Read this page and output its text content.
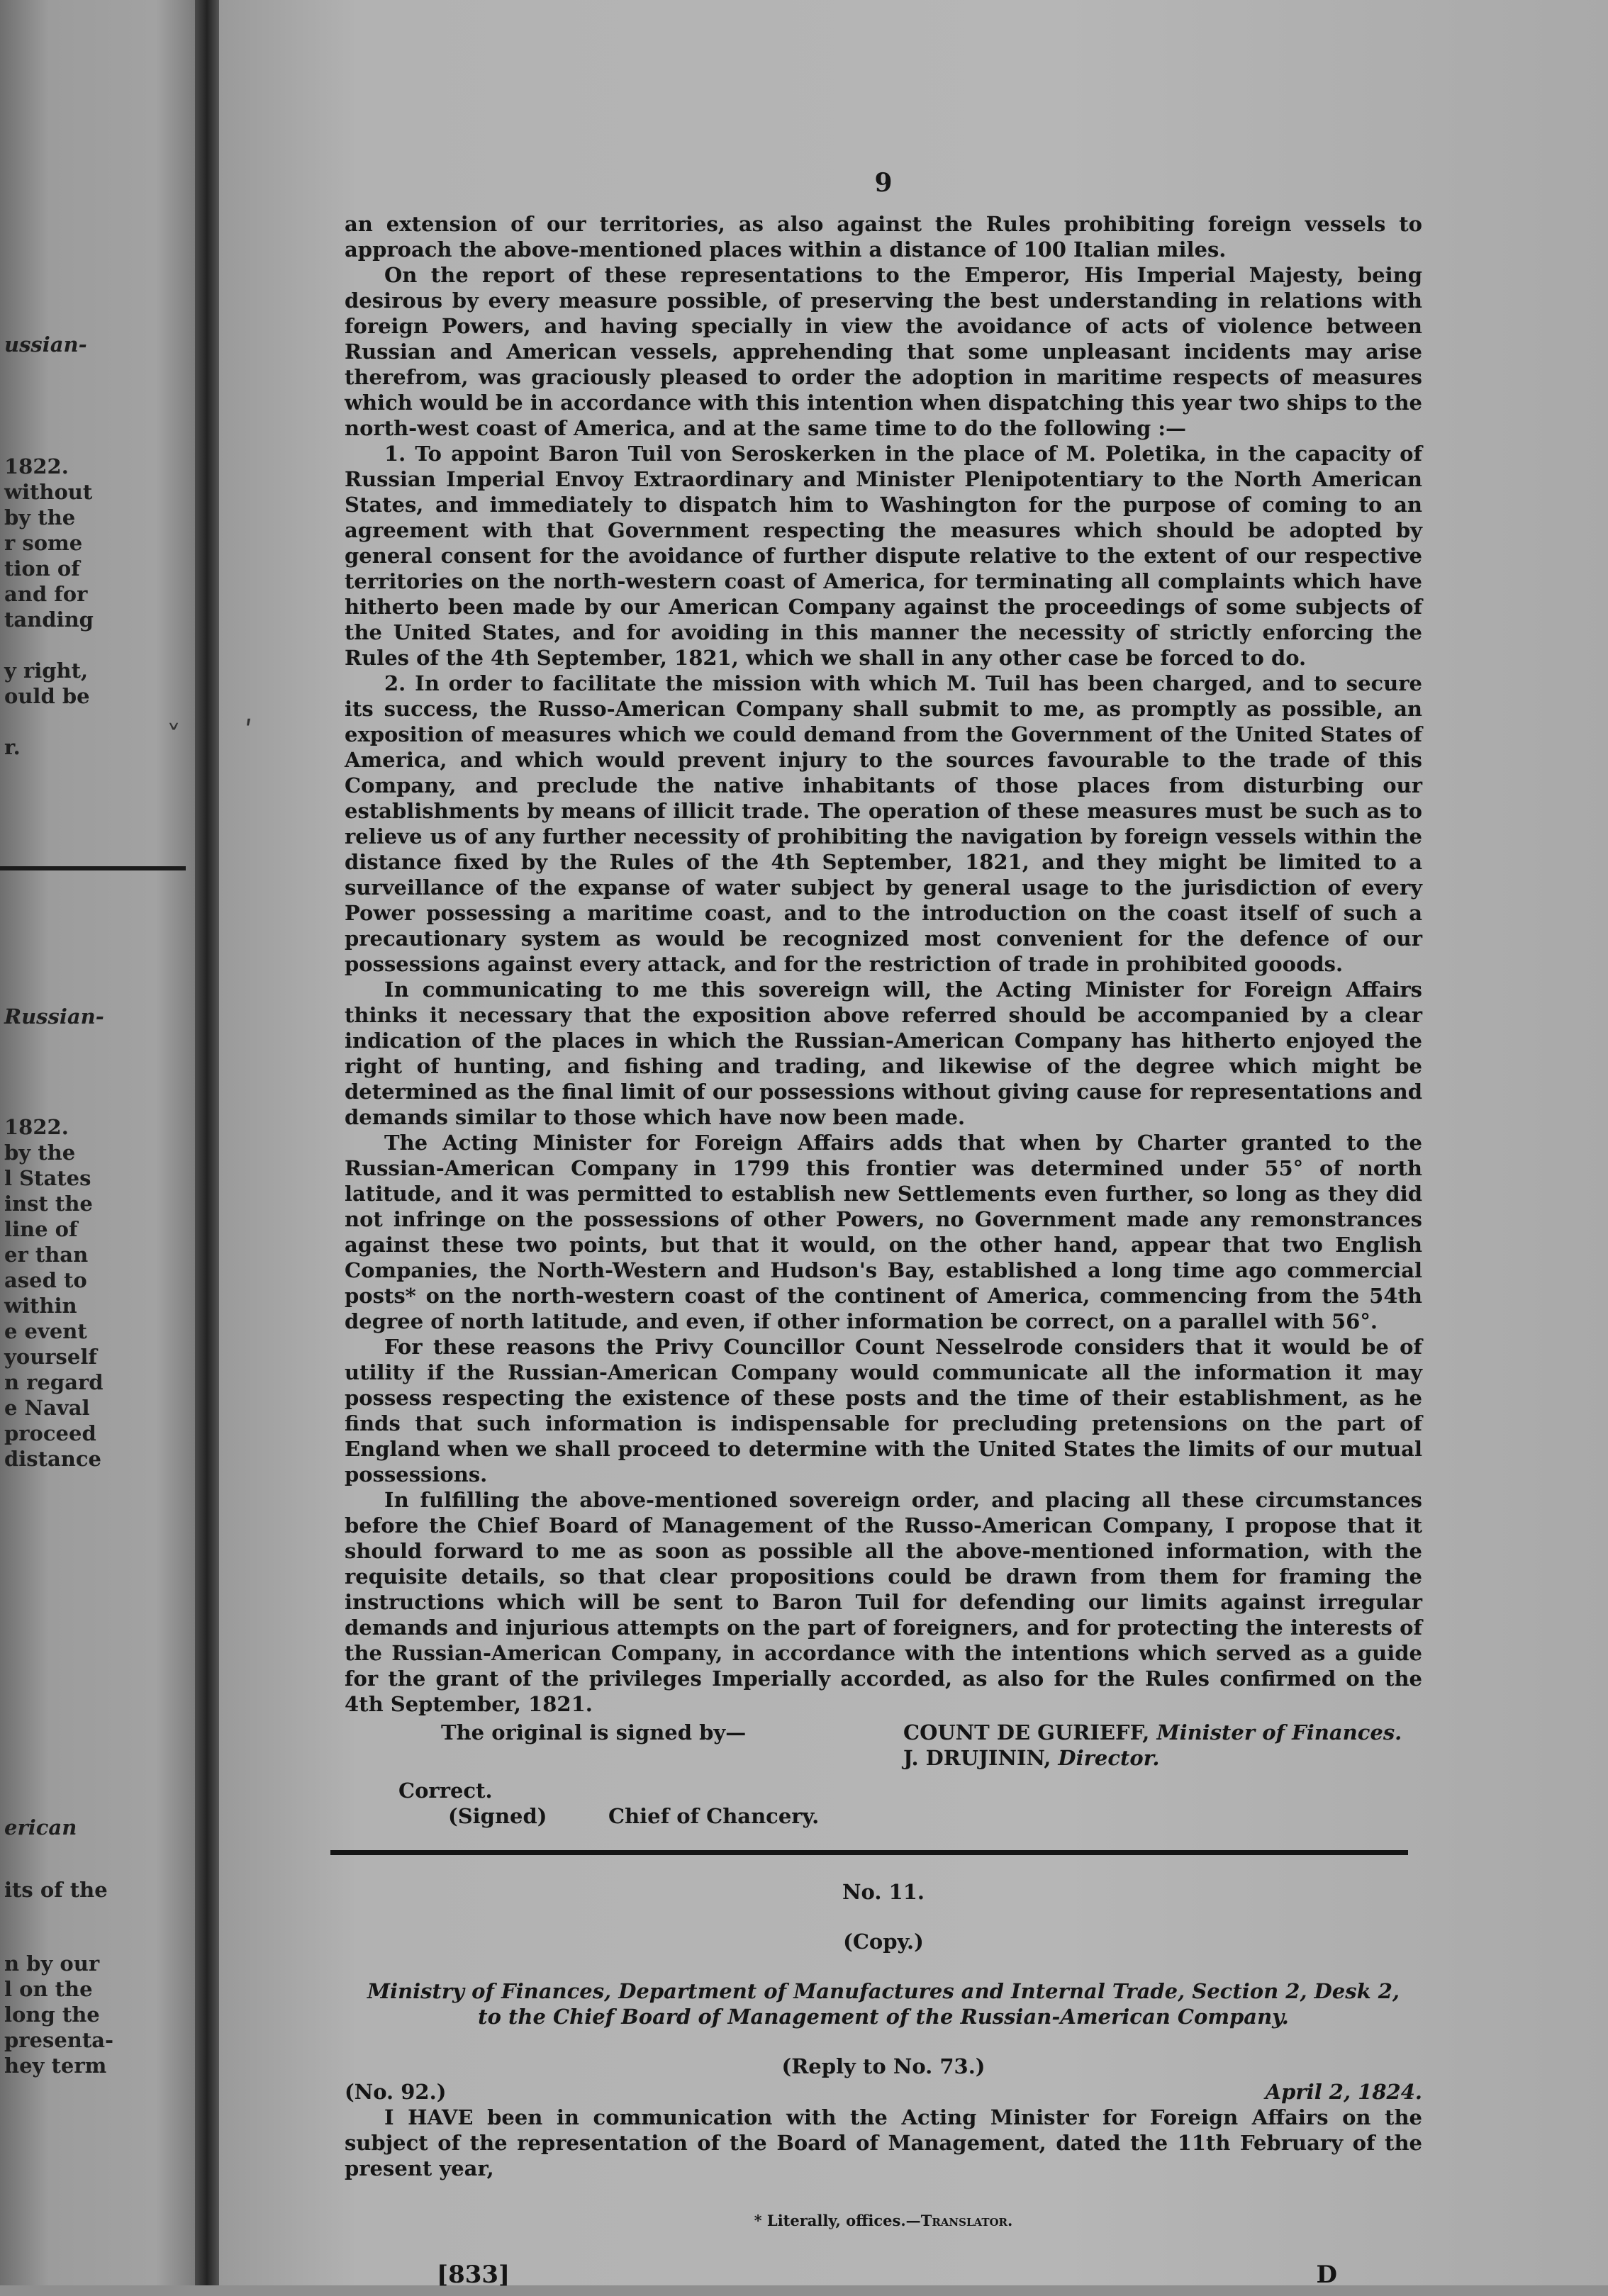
ussian-
1822.
without
by the
r some
tion of
and for
tanding
y right,
ould be
r.
Russian-
1822.
by the
l States
inst the
line of
er than
ased to
within
e event
yourself
n regard
e Naval
proceed
distance
erican
its of the
n by our
l on the
long the
presenta-
hey term
˅ ʹ
9
an extension of our territories, as also against the Rules prohibiting foreign vessels to approach the above-mentioned places within a distance of 100 Italian miles.
On the report of these representations to the Emperor, His Imperial Majesty, being desirous by every measure possible, of preserving the best understanding in relations with foreign Powers, and having specially in view the avoidance of acts of violence between Russian and American vessels, apprehending that some unpleasant incidents may arise therefrom, was graciously pleased to order the adoption in maritime respects of measures which would be in accordance with this intention when dispatching this year two ships to the north-west coast of America, and at the same time to do the following :—
1. To appoint Baron Tuil von Seroskerken in the place of M. Poletika, in the capacity of Russian Imperial Envoy Extraordinary and Minister Plenipotentiary to the North American States, and immediately to dispatch him to Washington for the purpose of coming to an agreement with that Government respecting the measures which should be adopted by general consent for the avoidance of further dispute relative to the extent of our respective territories on the north-western coast of America, for terminating all complaints which have hitherto been made by our American Company against the proceedings of some subjects of the United States, and for avoiding in this manner the necessity of strictly enforcing the Rules of the 4th September, 1821, which we shall in any other case be forced to do.
2. In order to facilitate the mission with which M. Tuil has been charged, and to secure its success, the Russo-American Company shall submit to me, as promptly as possible, an exposition of measures which we could demand from the Government of the United States of America, and which would prevent injury to the sources favourable to the trade of this Company, and preclude the native inhabitants of those places from disturbing our establishments by means of illicit trade. The operation of these measures must be such as to relieve us of any further necessity of prohibiting the navigation by foreign vessels within the distance fixed by the Rules of the 4th September, 1821, and they might be limited to a surveillance of the expanse of water subject by general usage to the jurisdiction of every Power possessing a maritime coast, and to the introduction on the coast itself of such a precautionary system as would be recognized most convenient for the defence of our possessions against every attack, and for the restriction of trade in prohibited gooods.
In communicating to me this sovereign will, the Acting Minister for Foreign Affairs thinks it necessary that the exposition above referred should be accompanied by a clear indication of the places in which the Russian-American Company has hitherto enjoyed the right of hunting, and fishing and trading, and likewise of the degree which might be determined as the final limit of our possessions without giving cause for representations and demands similar to those which have now been made.
The Acting Minister for Foreign Affairs adds that when by Charter granted to the Russian-American Company in 1799 this frontier was determined under 55° of north latitude, and it was permitted to establish new Settlements even further, so long as they did not infringe on the possessions of other Powers, no Government made any remonstrances against these two points, but that it would, on the other hand, appear that two English Companies, the North-Western and Hudson's Bay, established a long time ago commercial posts* on the north-western coast of the continent of America, commencing from the 54th degree of north latitude, and even, if other information be correct, on a parallel with 56°.
For these reasons the Privy Councillor Count Nesselrode considers that it would be of utility if the Russian-American Company would communicate all the information it may possess respecting the existence of these posts and the time of their establishment, as he finds that such information is indispensable for precluding pretensions on the part of England when we shall proceed to determine with the United States the limits of our mutual possessions.
In fulfilling the above-mentioned sovereign order, and placing all these circumstances before the Chief Board of Management of the Russo-American Company, I propose that it should forward to me as soon as possible all the above-mentioned information, with the requisite details, so that clear propositions could be drawn from them for framing the instructions which will be sent to Baron Tuil for defending our limits against irregular demands and injurious attempts on the part of foreigners, and for protecting the interests of the Russian-American Company, in accordance with the intentions which served as a guide for the grant of the privileges Imperially accorded, as also for the Rules confirmed on the 4th September, 1821.
The original is signed by—	COUNT DE GURIEFF, Minister of Finances.
J. DRUJININ, Director.
Correct.
(Signed)	Chief of Chancery.
No. 11.
(Copy.)
Ministry of Finances, Department of Manufactures and Internal Trade, Section 2, Desk 2, to the Chief Board of Management of the Russian-American Company.
(Reply to No. 73.)
(No. 92.)	April 2, 1824.
I HAVE been in communication with the Acting Minister for Foreign Affairs on the subject of the representation of the Board of Management, dated the 11th February of the present year,
* Literally, offices.—Translator.
[833]	D
